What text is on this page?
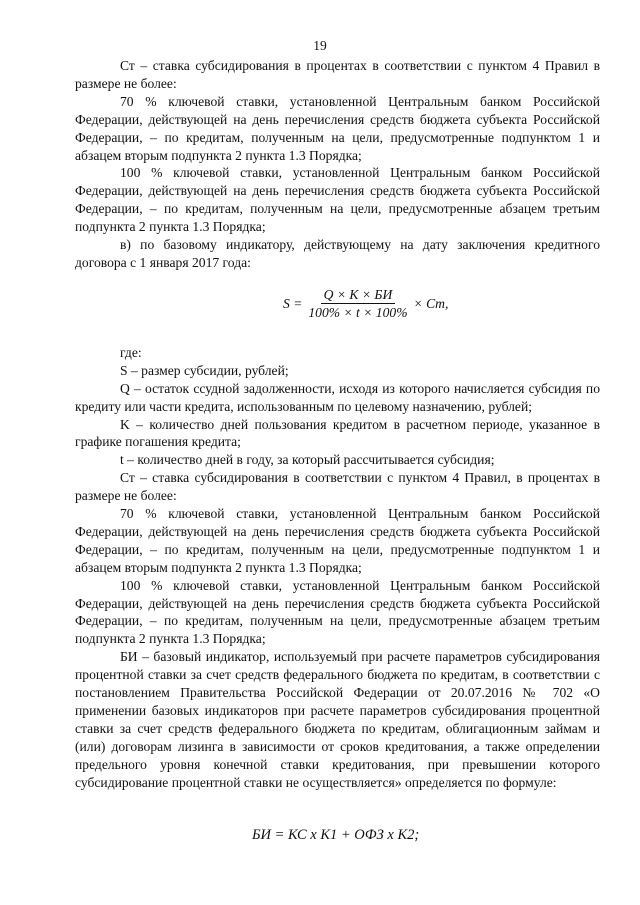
19

Ст – ставка субсидирования в процентах в соответствии с пунктом 4 Правил в размере не более:

70 % ключевой ставки, установленной Центральным банком Российской Федерации, действующей на день перечисления средств бюджета субъекта Российской Федерации, – по кредитам, полученным на цели, предусмотренные подпунктом 1 и абзацем вторым подпункта 2 пункта 1.3 Порядка;

100 % ключевой ставки, установленной Центральным банком Российской Федерации, действующей на день перечисления средств бюджета субъекта Российской Федерации, – по кредитам, полученным на цели, предусмотренные абзацем третьим подпункта 2 пункта 1.3 Порядка;

в) по базовому индикатору, действующему на дату заключения кредитного договора с 1 января 2017 года:

где:

S – размер субсидии, рублей;

Q – остаток ссудной задолженности, исходя из которого начисляется субсидия по кредиту или части кредита, использованным по целевому назначению, рублей;

K – количество дней пользования кредитом в расчетном периоде, указанное в графике погашения кредита;

t – количество дней в году, за который рассчитывается субсидия;

Ст – ставка субсидирования в соответствии с пунктом 4 Правил, в процентах в размере не более:

70 % ключевой ставки, установленной Центральным банком Российской Федерации, действующей на день перечисления средств бюджета субъекта Российской Федерации, – по кредитам, полученным на цели, предусмотренные подпунктом 1 и абзацем вторым подпункта 2 пункта 1.3 Порядка;

100 % ключевой ставки, установленной Центральным банком Российской Федерации, действующей на день перечисления средств бюджета субъекта Российской Федерации, – по кредитам, полученным на цели, предусмотренные абзацем третьим подпункта 2 пункта 1.3 Порядка;

БИ – базовый индикатор, используемый при расчете параметров субсидирования процентной ставки за счет средств федерального бюджета по кредитам, в соответствии с постановлением Правительства Российской Федерации от 20.07.2016 № 702 «О применении базовых индикаторов при расчете параметров субсидирования процентной ставки за счет средств федерального бюджета по кредитам, облигационным займам и (или) договорам лизинга в зависимости от сроков кредитования, а также определении предельного уровня конечной ставки кредитования, при превышении которого субсидирование процентной ставки не осуществляется» определяется по формуле:

$S = \frac{Q \times K \times БИ}{100\% \times t \times 100\%} \times Cm$,
БИ = КС х К1 + ОФЗ х К2;
